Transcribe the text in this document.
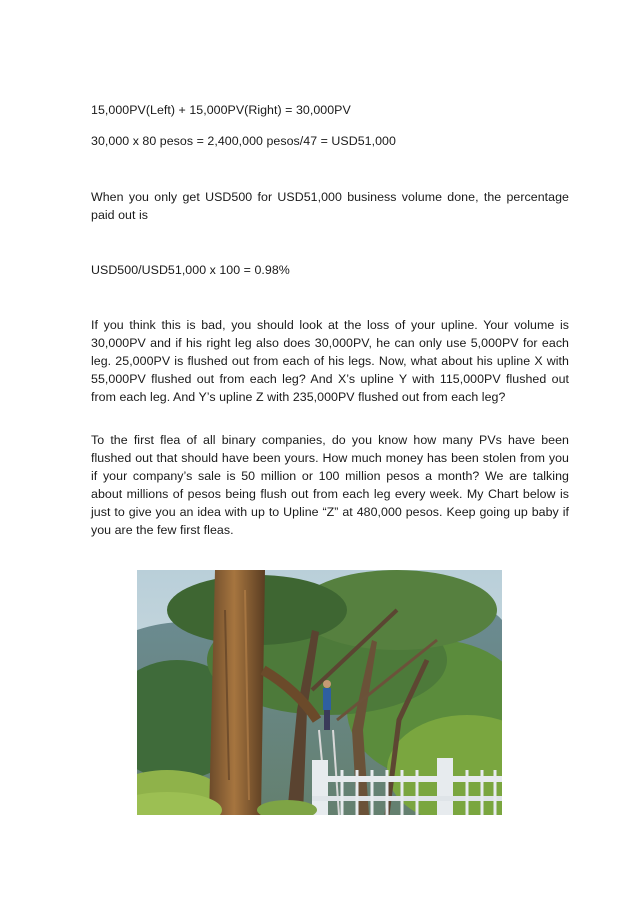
15,000PV(Left) + 15,000PV(Right) = 30,000PV

30,000 x 80 pesos = 2,400,000 pesos/47 = USD51,000

When you only get USD500 for USD51,000 business volume done, the percentage paid out is

USD500/USD51,000 x 100 = 0.98%

If you think this is bad, you should look at the loss of your upline. Your volume is 30,000PV and if his right leg also does 30,000PV, he can only use 5,000PV for each leg. 25,000PV is flushed out from each of his legs. Now, what about his upline X with 55,000PV flushed out from each leg? And X’s upline Y with 115,000PV flushed out from each leg. And Y’s upline Z with 235,000PV flushed out from each leg?

To the first flea of all binary companies, do you know how many PVs have been flushed out that should have been yours. How much money has been stolen from you if your company’s sale is 50 million or 100 million pesos a month? We are talking about millions of pesos being flush out from each leg every week. My Chart below is just to give you an idea with up to Upline “Z” at 480,000 pesos. Keep going up baby if you are the few first fleas.
